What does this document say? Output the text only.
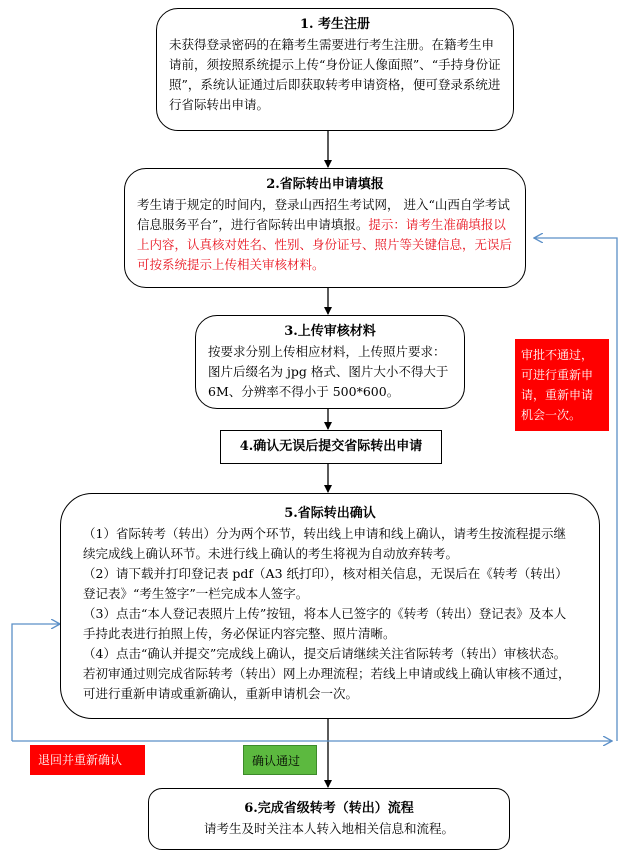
1. 考生注册
未获得登录密码的在籍考生需要进行考生注册。在籍考生申请前，须按照系统提示上传“身份证人像面照”、“手持身份证照”，系统认证通过后即获取转考申请资格，便可登录系统进行省际转出申请。
2.省际转出申请填报
考生请于规定的时间内，登录山西招生考试网， 进入“山西自学考试信息服务平台”，进行省际转出申请填报。提示：请考生准确填报以上内容，认真核对姓名、性别、身份证号、照片等关键信息，无误后可按系统提示上传相关审核材料。
3.上传审核材料
按要求分别上传相应材料，上传照片要求：图片后缀名为 jpg 格式、图片大小不得大于6M、分辨率不得小于 500*600。
4.确认无误后提交省际转出申请
5.省际转出确认
（1）省际转考（转出）分为两个环节，转出线上申请和线上确认，请考生按流程提示继续完成线上确认环节。未进行线上确认的考生将视为自动放弃转考。
（2）请下载并打印登记表 pdf（A3 纸打印），核对相关信息，无误后在《转考（转出）登记表》“考生签字”一栏完成本人签字。
（3）点击“本人登记表照片上传”按钮，将本人已签字的《转考（转出）登记表》及本人手持此表进行拍照上传，务必保证内容完整、照片清晰。
（4）点击“确认并提交”完成线上确认，提交后请继续关注省际转考（转出）审核状态。若初审通过则完成省际转考（转出）网上办理流程；若线上申请或线上确认审核不通过，可进行重新申请或重新确认，重新申请机会一次。
6.完成省级转考（转出）流程
请考生及时关注本人转入地相关信息和流程。
审批不通过，可进行重新申请，重新申请机会一次。
退回并重新确认	确认通过
